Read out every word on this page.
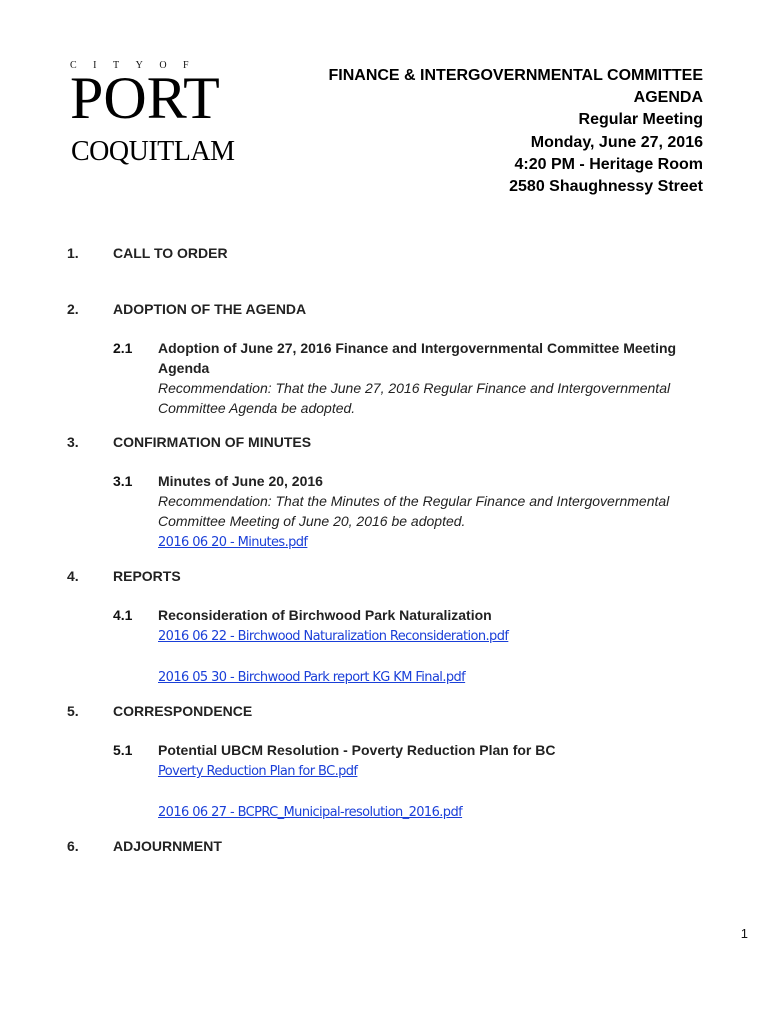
CITYOF
PORT
COQUITLAM
FINANCE & INTERGOVERNMENTAL COMMITTEE
AGENDA
Regular Meeting
Monday, June 27, 2016
4:20 PM - Heritage Room
2580 Shaughnessy Street
1. CALL TO ORDER
2. ADOPTION OF THE AGENDA
2.1 Adoption of June 27, 2016 Finance and Intergovernmental Committee Meeting Agenda
Recommendation: That the June 27, 2016 Regular Finance and Intergovernmental Committee Agenda be adopted.
3. CONFIRMATION OF MINUTES
3.1 Minutes of June 20, 2016
Recommendation: That the Minutes of the Regular Finance and Intergovernmental Committee Meeting of June 20, 2016 be adopted.
2016 06 20 - Minutes.pdf
4. REPORTS
4.1 Reconsideration of Birchwood Park Naturalization
2016 06 22 - Birchwood Naturalization Reconsideration.pdf
2016 05 30 - Birchwood Park report KG KM Final.pdf
5. CORRESPONDENCE
5.1 Potential UBCM Resolution - Poverty Reduction Plan for BC
Poverty Reduction Plan for BC.pdf
2016 06 27 - BCPRC_Municipal-resolution_2016.pdf
6. ADJOURNMENT
1
